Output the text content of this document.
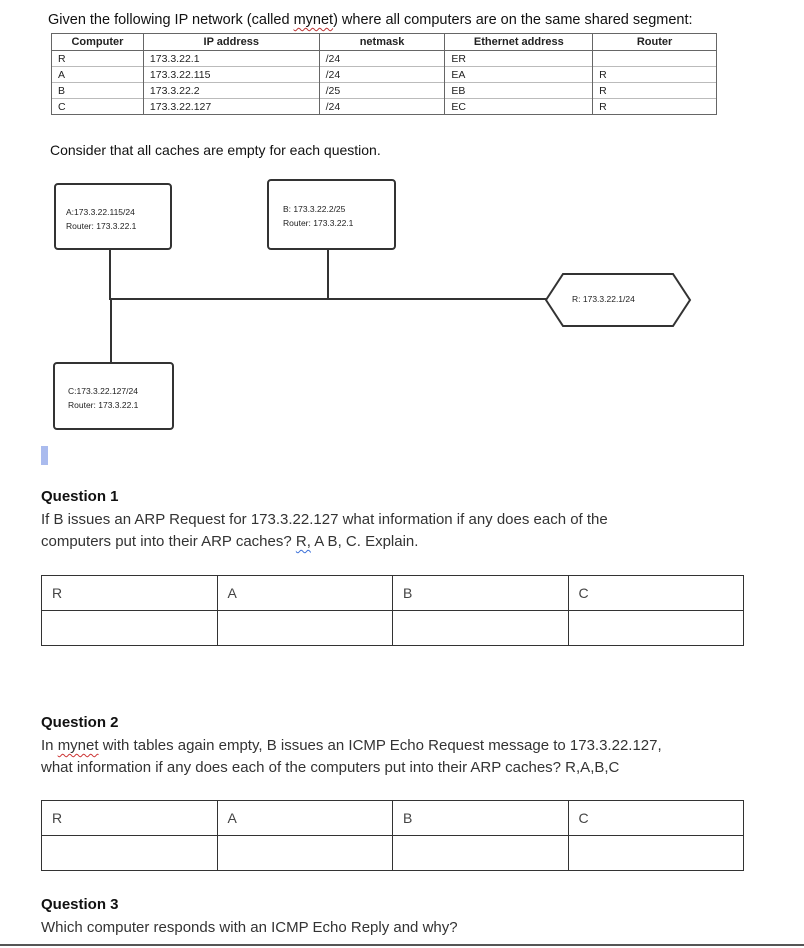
Given the following IP network (called mynet) where all computers are on the same shared segment:
Computer	IP address	netmask	Ethernet address	Router
R	173.3.22.1	/24	ER	
A	173.3.22.115	/24	EA	R
B	173.3.22.2	/25	EB	R
C	173.3.22.127	/24	EC	R
Consider that all caches are empty for each question.
A:173.3.22.115/24
Router: 173.3.22.1
B: 173.3.22.2/25
Router: 173.3.22.1
C:173.3.22.127/24
Router: 173.3.22.1
R: 173.3.22.1/24
Question 1
If B issues an ARP Request for 173.3.22.127 what information if any does each of the
computers put into their ARP caches? R, A B, C. Explain.
R	A	B	C

Question 2
In mynet with tables again empty, B issues an ICMP Echo Request message to 173.3.22.127,
what information if any does each of the computers put into their ARP caches? R,A,B,C
R	A	B	C

Question 3
Which computer responds with an ICMP Echo Reply and why?
